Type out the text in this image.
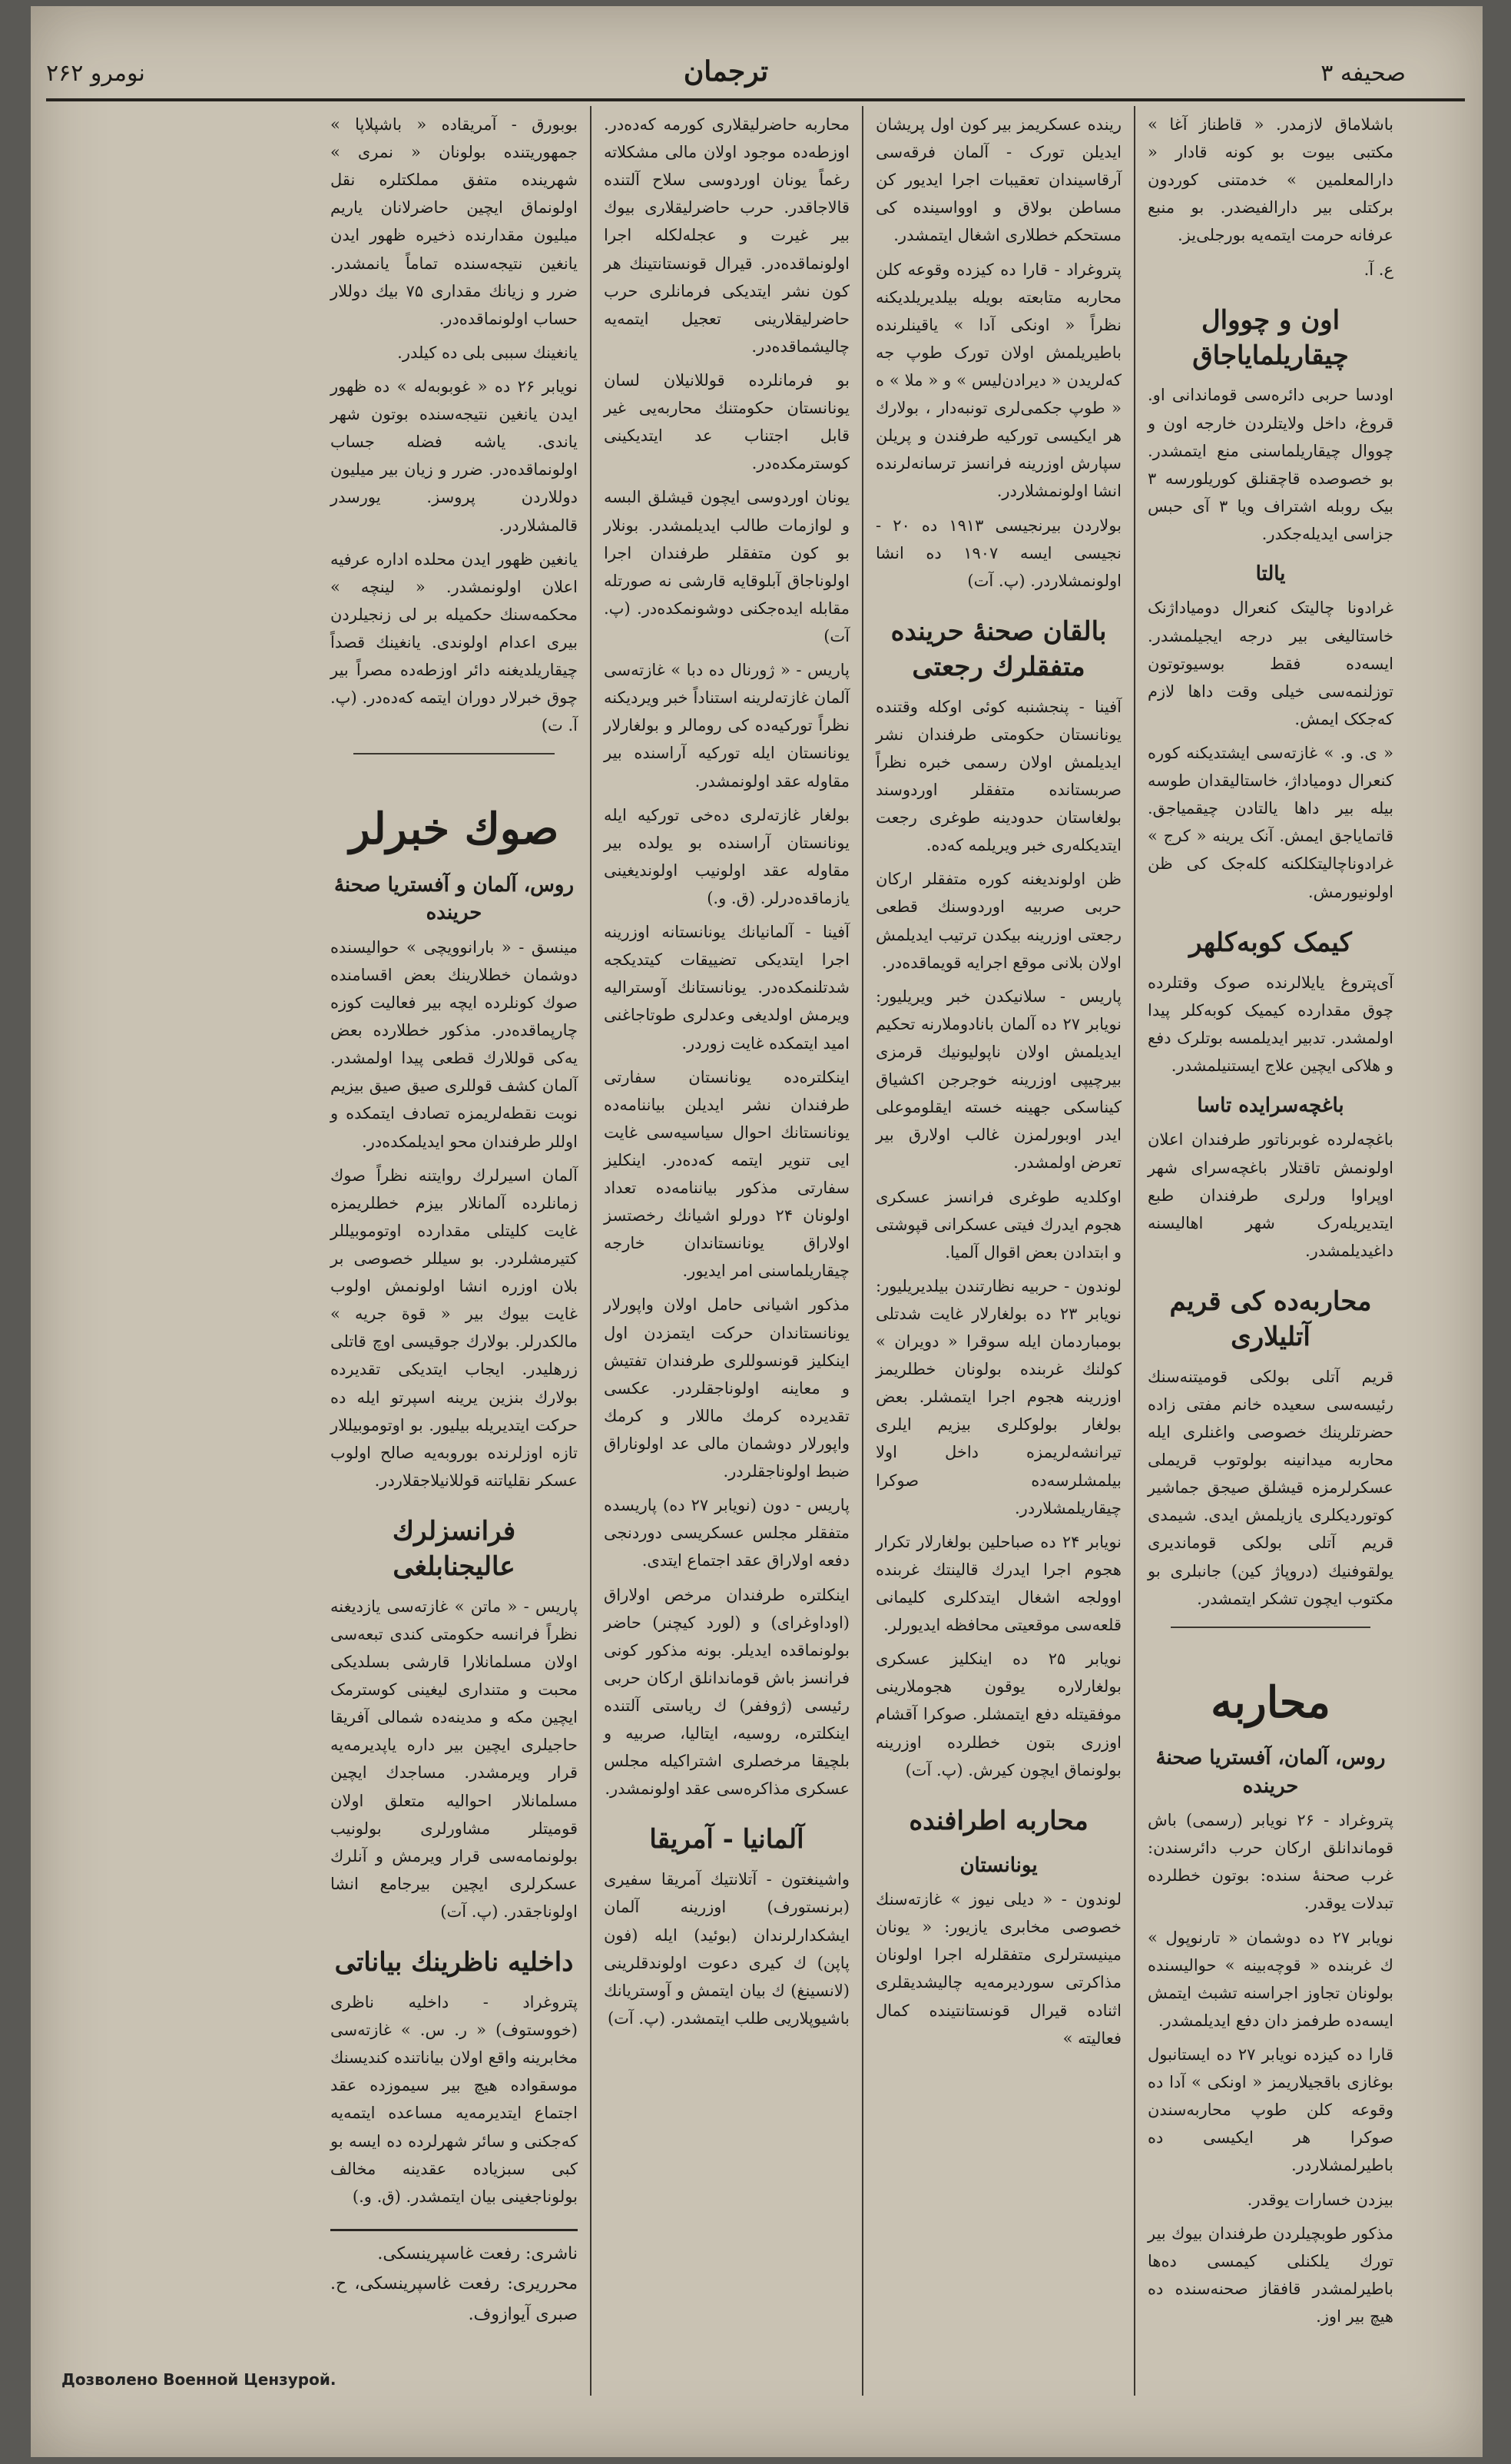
صحیفه ۳
ترجمان
نومرو ۲۶۲
باشلاماق لازمدر. « قاطناز آغا » مکتبی بیوت بو کونه قادار « دارالمعلمین » خدمتنی کوردون برکتلی بیر دارالفیضدر. بو منبع عرفانه حرمت ایتمه‌یه بورجلی‌یز.
ع. آ.
اون و چووال چیقاریلمایاجاق
اودسا حربی دائره‌سی قوماندانی او. قروغ، داخل ولایتلردن خارجه اون و چووال چیقاریلماسنی منع ایتمشدر. بو خصوصده قاچقنلق کوریلورسه ۳ بیک روبله اشتراف ویا ۳ آی حبس جزاسی ایدیله‌جکدر.
یالتا
غرادونا چالیتک کنعرال دومیاداژنک خاستالیغی بیر درجه ایجیلمشدر. ایسه‌ده فقط بوسیوتوتون توزلنمه‌سی خیلی وقت داها لازم که‌جکک ایمش.
« ی. و. » غازته‌سی ایشتدیکنه کوره کنعرال دومیاداژ، خاستالیقدان طوسه بیله بیر داها یالتادن چیقمیاجق. قاتمایاجق ایمش. آنک یرینه « کرج » غرادوناچالیتکلکنه کله‌جک کی ظن اولونیورمش.
کیمک کوبه‌کلهر
آی‌پتروغ یایلالرنده صوک وقتلرده چوق مقدارده کیمیک کوبه‌کلر پیدا اولمشدر. تدبیر ایدیلمسه بوتلرک دفع و هلاکی ایچین علاج ایستنیلمشدر.
باغچه‌سرایده تاسا
باغچه‌لرده غوبرناتور طرفندان اعلان اولونمش تاقتلار باغچه‌سرای شهر اوپراوا ورلری طرفندان طبع ایتدیریله‌رک شهر اهالیسنه داغیدیلمشدر.
محاربه‌ده کی قریم آتلیلاری
قریم آتلی بولکی قومیتنه‌سنك رئیسه‌سی سعیده خانم مفتی زاده حضرتلرینك خصوصی واغنلری ایله محاربه میدانینه بولوتوب قریملی عسکرلرمزه قیشلق صیجق جماشیر کوتوردیکلری یازیلمش ایدی. شیمدی قریم آتلی بولکی قوماندیری یولقوفنیك (دروپاژ کین) جانبلری بو مکتوب ایچون تشکر ایتمشدر.
محاربه
روس، آلمان، آفستریا صحنهٔ حرینده
پتروغراد - ۲۶ نویابر (رسمی) باش قوماندانلق ارکان حرب دائرسندن: غرب صحنهٔ سنده: بوتون خطلرده تبدلات یوقدر.
نویابر ۲۷ ده دوشمان « تارنوپول » ك غربنده « قوچه‌بینه » حوالیسنده بولونان تجاوز اجراسنه تشبث ایتمش ایسه‌ده طرفمز دان دفع ایدیلمشدر.
قارا ده کیزده نویابر ۲۷ ده ایستانبول بوغازی باقجیلاریمز « اونکی » آدا ده وقوعه کلن طوپ محاربه‌سندن صوکرا هر ایکیسی ده باطیرلمشلاردر.
بیزدن خسارات یوقدر.
مذکور طوبچیلردن طرفندان بیوك بیر تورك یلکنلی کیمسی ده‌ها باطیرلمشدر قافقاز صحنه‌سنده ده هیچ بیر اوز.
رینده عسکریمز بیر کون اول پریشان ایدیلن تورک - آلمان فرقه‌سی آرقاسیندان تعقیبات اجرا ایدیور کن مساطن بولاق و اوواسینده کی مستحکم خطلاری اشغال ایتمشدر.
پتروغراد - قارا ده کیزده وقوعه کلن محاربه متابعته بویله بیلدیریلدیکنه نظراً « اونکی آدا » یاقینلرنده باطیریلمش اولان تورک طوپ جه که‌لریدن « دیرادن‌لیس » و « ملا » ه « طوپ جکمی‌لری تونبه‌دار ، بولارك هر ایکیسی تورکیه طرفندن و پریلن سپارش اوزرینه فرانسز ترسانه‌لرنده انشا اولونمشلاردر.
بولاردن بیرنجیسی ۱۹۱۳ ده ۲۰ - نجیسی ایسه ۱۹۰۷ ده انشا اولونمشلاردر. (پ. آت)
بالقان صحنهٔ حرینده متفقلرك رجعتی
آفینا - پنجشنبه کوئی اوکله وقتنده یونانستان حکومتی طرفندان نشر ایدیلمش اولان رسمی خبره نظراً صربستانده متفقلر اوردوسند بولغاستان حدودینه طوغری رجعت ایتدیکله‌ری خبر ویریلمه که‌ده.
ظن اولوندیغنه کوره متفقلر ارکان حربی صربیه اوردوسنك قطعی رجعتی اوزرینه بیکدن ترتیب ایدیلمش اولان بلانی موقع اجرایه قویماقده‌در.
پاریس - سلانیکدن خبر ویریلیور: نویابر ۲۷ ده آلمان بانادوملارنه تحکیم ایدیلمش اولان ناپولیونیك قرمزی بیرچیپی اوزرینه خوجرجن اکشیاق کیناسکی جهینه خسته ایقلوموعلی ایدر اوبورلمزن غالب اولارق بیر تعرض اولمشدر.
اوکلدیه طوغری فرانسز عسکری هجوم ایدرك فیتی عسکرانی قپوشتی و ابتدادن بعض اقوال آلمیا.
لوندون - حربیه نظارتندن بیلدیریلیور: نویابر ۲۳ ده بولغارلار غایت شدتلی بومباردمان ایله سوقرا « دویران » کولنك غربنده بولونان خطلریمز اوزرینه هجوم اجرا ایتمشلر. بعض بولغار بولوکلری بیزیم ایلری تیرانشه‌لریمزه داخل اولا بیلمشلرسه‌ده صوکرا چیقاریلمشلاردر.
نویابر ۲۴ ده صباحلین بولغارلار تکرار هجوم اجرا ایدرك قالینتك غربنده اوولجه اشغال ایتدکلری کلیمانی قلعه‌سی موقعیتی محافظه ایدیورلر.
نویابر ۲۵ ده اینکلیز عسکری بولغارلاره یوقون هجوملارینی موفقیتله دفع ایتمشلر. صوکرا آقشام اوزری بتون خطلرده اوزرینه بولونماق ایچون کیرش. (پ. آت)
محاربه اطرافنده
یونانستان
لوندون - « دیلی نیوز » غازته‌سنك خصوصی مخابری یازیور: « یونان مینیسترلری متفقلرله اجرا اولونان مذاکرتی سوردیرمه‌یه چالیشدیقلری اثناده قیرال قونستانتینده کمال فعالیته »
محاربه حاضرلیقلاری کورمه که‌ده‌در. اوزطه‌ده موجود اولان مالی مشکلاته رغماً یونان اوردوسی سلاح آلتنده قالاجاقدر. حرب حاضرلیقلاری بیوك بیر غیرت و عجله‌لکله اجرا اولونماقده‌در. قیرال قونستانتینك هر کون نشر ایتدیکی فرمانلری حرب حاضرلیقلارینی تعجیل ایتمه‌یه چالیشماقده‌در.
بو فرمانلرده قوللانیلان لسان یونانستان حکومتنك محاربه‌یی غیر قابل اجتناب عد ایتدیکینی کوسترمکده‌در.
یونان اوردوسی ایچون قیشلق البسه و لوازمات طالب ایدیلمشدر. بونلار بو کون متفقلر طرفندان اجرا اولوناجاق آبلوقایه قارشی نه صورتله مقابله ایده‌جکنی دوشونمکده‌در. (پ. آت)
پاریس - « ژورنال ده دبا » غازته‌سی آلمان غازته‌لرینه استناداً خبر ویردیکنه نظراً تورکیه‌ده کی رومالر و بولغارلار یونانستان ایله تورکیه آراسنده بیر مقاوله عقد اولونمشدر.
بولغار غازته‌لری ده‌خی تورکیه ایله یونانستان آراسنده بو یولده بیر مقاوله عقد اولونیب اولوندیغینی یازماقده‌درلر. (ق. و.)
آفینا - آلمانیانك یونانستانه اوزرینه اجرا ایتدیکی تضییقات کیتدیکجه شدتلنمکده‌در. یونانستانك آوسترالیه ویرمش اولدیغی وعدلری طوتاجاغنی امید ایتمکده غایت زوردر.
اینکلتره‌ده یونانستان سفارتی طرفندان نشر ایدیلن بیاننامه‌ده یونانستانك احوال سیاسیه‌سی غایت ایی تنویر ایتمه که‌ده‌در. اینکلیز سفارتی مذکور بیاننامه‌ده تعداد اولونان ۲۴ دورلو اشیانك رخصتسز اولاراق یونانستاندان خارجه چیقاریلماسنی امر ایدیور.
مذکور اشیانی حامل اولان واپورلار یونانستاندان حرکت ایتمزدن اول اینکلیز قونسوللری طرفندان تفتیش و معاینه اولوناجقلردر. عکسی تقدیرده کرمك ماللار و کرمك واپورلار دوشمان مالی عد اولوناراق ضبط اولوناجقلردر.
پاریس - دون (نویابر ۲۷ ده) پاریسده متفقلر مجلس عسکریسی دوردنجی دفعه اولاراق عقد اجتماع ایتدی.
اینکلتره طرفندان مرخص اولاراق (اوداوغرای) و (لورد کیچنر) حاضر بولونماقده ایدیلر. بونه مذکور کونی فرانسز باش قوماندانلق ارکان حربی رئیسی (ژوففر) ك ریاستی آلتنده اینکلتره، روسیه، ایتالیا، صربیه و بلچیقا مرخصلری اشتراکیله مجلس عسکری مذاکره‌سی عقد اولونمشدر.
آلمانیا - آمریقا
واشینغتون - آتلانتیك آمریقا سفیری (برنستورف) اوزرینه آلمان ایشکدارلرندان (بوئید) ایله (فون پاپن) ك کیری دعوت اولوندقلرینی (لانسینغ) ك بیان ایتمش و آوستریانك باشیوپلاریی طلب ایتمشدر. (پ. آت)
بوبورق - آمریقاده « باشپلاپا » جمهوریتنده بولونان « نمری » شهرینده متفق مملکتلره نقل اولونماق ایچین حاضرلانان یاریم میلیون مقدارنده ذخیره ظهور ایدن یانغین نتیجه‌سنده تماماً یانمشدر. ضرر و زیانك مقداری ۷۵ بیك دوللار حساب اولونماقده‌در.
یانغینك سببی بلی ده کیلدر.
نویابر ۲۶ ده « غوبوبه‌له » ده ظهور ایدن یانغین نتیجه‌سنده بوتون شهر یاندی. یاشه فضله جساب اولونماقده‌در. ضرر و زیان بیر میلیون دوللاردن پروسز. یورسدر قالمشلاردر.
یانغین ظهور ایدن محلده اداره عرفیه اعلان اولونمشدر. « لینچه » محکمه‌سنك حکمیله بر لی زنجیلردن بیری اعدام اولوندی. یانغینك قصداً چیقاریلدیغنه دائر اوزطه‌ده مصراً بیر چوق خبرلار دوران ایتمه که‌ده‌در. (پ. آ. ت)
صوك خبرلر
روس، آلمان و آفستریا صحنهٔ حرینده
مینسق - « بارانوویچی » حوالیسنده دوشمان خطلارینك بعض اقسامنده صوك کونلرده ایچه بیر فعالیت کوزه چارپماقده‌در. مذکور خطلارده بعض یه‌کی قوللارك قطعی پیدا اولمشدر. آلمان کشف قوللری صیق صیق بیزیم نوبت نقطه‌لریمزه تصادف ایتمکده و اوللر طرفندان محو ایدیلمکده‌در.
آلمان اسیرلرك روایتنه نظراً صوك زمانلرده آلمانلار بیزم خطلریمزه غایت کلیتلی مقدارده اوتوموبیللر کتیرمشلردر. بو سیللر خصوصی بر بلان اوزره انشا اولونمش اولوب غایت بیوك بیر « قوة جریه » مالکدرلر. بولارك جوقیسی اوچ قاتلی زرهلیدر. ایجاب ایتدیکی تقدیرده بولارك بنزین یرینه اسپرتو ایله ده حرکت ایتدیریله بیلیور. بو اوتوموبیللار تازه اوزلرنده بوروبه‌یه صالح اولوب عسکر نقلیاتنه قوللانیلاجقلاردر.
فرانسزلرك عالیجنابلغی
پاریس - « ماتن » غازته‌سی یازدیغنه نظراً فرانسه حکومتی کندی تبعه‌سی اولان مسلمانلارا قارشی بسلدیکی محبت و متنداری لیغینی کوسترمک ایچین مکه و مدینه‌ده شمالی آفریقا حاجیلری ایچین بیر داره یاپدیرمه‌یه قرار ویرمشدر. مساجدك ایچین مسلمانلار احوالیه متعلق اولان قومیتلر مشاورلری بولونیب بولونمامه‌سی قرار ویرمش و آنلرك عسکرلری ایچین بیرجامع انشا اولوناجقدر. (پ. آت)
داخلیه ناظرینك بیاناتی
پتروغراد - داخلیه ناظری (خووستوف) « ر. س. » غازته‌سی مخابرینه واقع اولان بیاناتنده کندیسنك موسقواده هیچ بیر سیموزده عقد اجتماع ایتدیرمه‌یه مساعده ایتمه‌یه که‌جکنی و سائر شهرلرده ده ایسه بو کبی سبزیاده عقدینه مخالف بولوناجغینی بیان ایتمشدر. (ق. و.)
ناشری: رفعت غاسپرینسکی.
محرریری: رفعت غاسپرینسکی، ح. صبری آیوازوف.
Дозволено Военной Цензурой.
